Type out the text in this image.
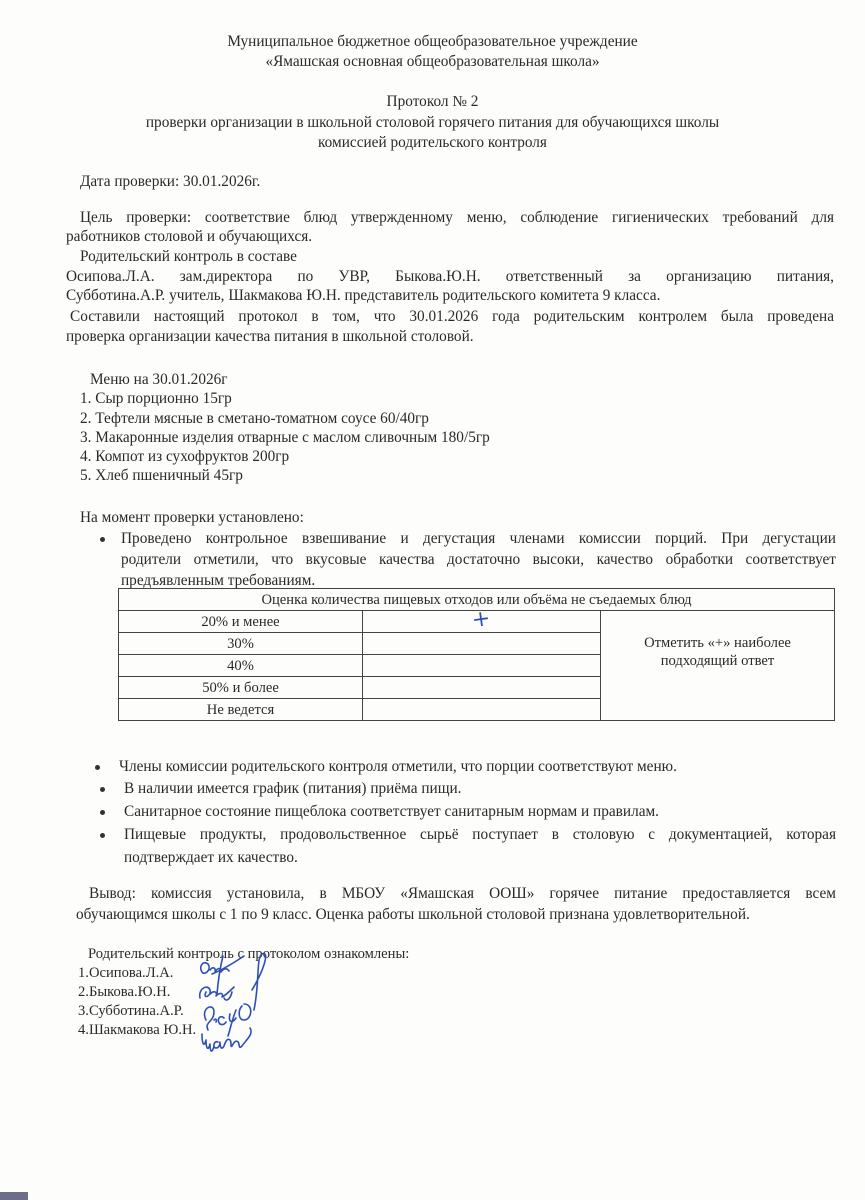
Муниципальное бюджетное общеобразовательное учреждение
«Ямашская основная общеобразовательная школа»
Протокол № 2
проверки организации в школьной столовой горячего питания для обучающихся школы
комиссией родительского контроля
Дата проверки: 30.01.2026г.
Цель проверки: соответствие блюд утвержденному меню, соблюдение гигиенических требований для
работников столовой и обучающихся.
Родительский контроль в составе
Осипова.Л.А. зам.директора по УВР, Быкова.Ю.Н. ответственный за организацию питания,
Субботина.А.Р. учитель, Шакмакова Ю.Н. представитель родительского комитета 9 класса.
Составили настоящий протокол в том, что 30.01.2026 года родительским контролем была проведена
проверка организации качества питания в школьной столовой.
Меню на 30.01.2026г
1. Сыр порционно 15гр
2. Тефтели мясные в сметано-томатном соусе 60/40гр
3. Макаронные изделия отварные с маслом сливочным 180/5гр
4. Компот из сухофруктов 200гр
5. Хлеб пшеничный 45гр
На момент проверки установлено:
Проведено контрольное взвешивание и дегустация членами комиссии порций. При дегустации
родители отметили, что вкусовые качества достаточно высоки, качество обработки соответствует
предъявленным требованиям.
Оценка количества пищевых отходов или объёма не съедаемых блюд		
20% и менее	+	Отметить «+» наиболее
подходящий ответ

30%		
40%		
50% и более		
Не ведется		
Члены комиссии родительского контроля отметили, что порции соответствуют меню.
В наличии имеется график (питания) приёма пищи.
Санитарное состояние пищеблока соответствует санитарным нормам и правилам.
Пищевые продукты, продовольственное сырьё поступает в столовую с документацией, которая
подтверждает их качество.
Вывод: комиссия установила, в МБОУ «Ямашская ООШ» горячее питание предоставляется всем
обучающимся школы с 1 по 9 класс. Оценка работы школьной столовой признана удовлетворительной.
Родительский контроль с протоколом ознакомлены:
1.Осипова.Л.А.
2.Быкова.Ю.Н.
3.Субботина.А.Р.
4.Шакмакова Ю.Н.
